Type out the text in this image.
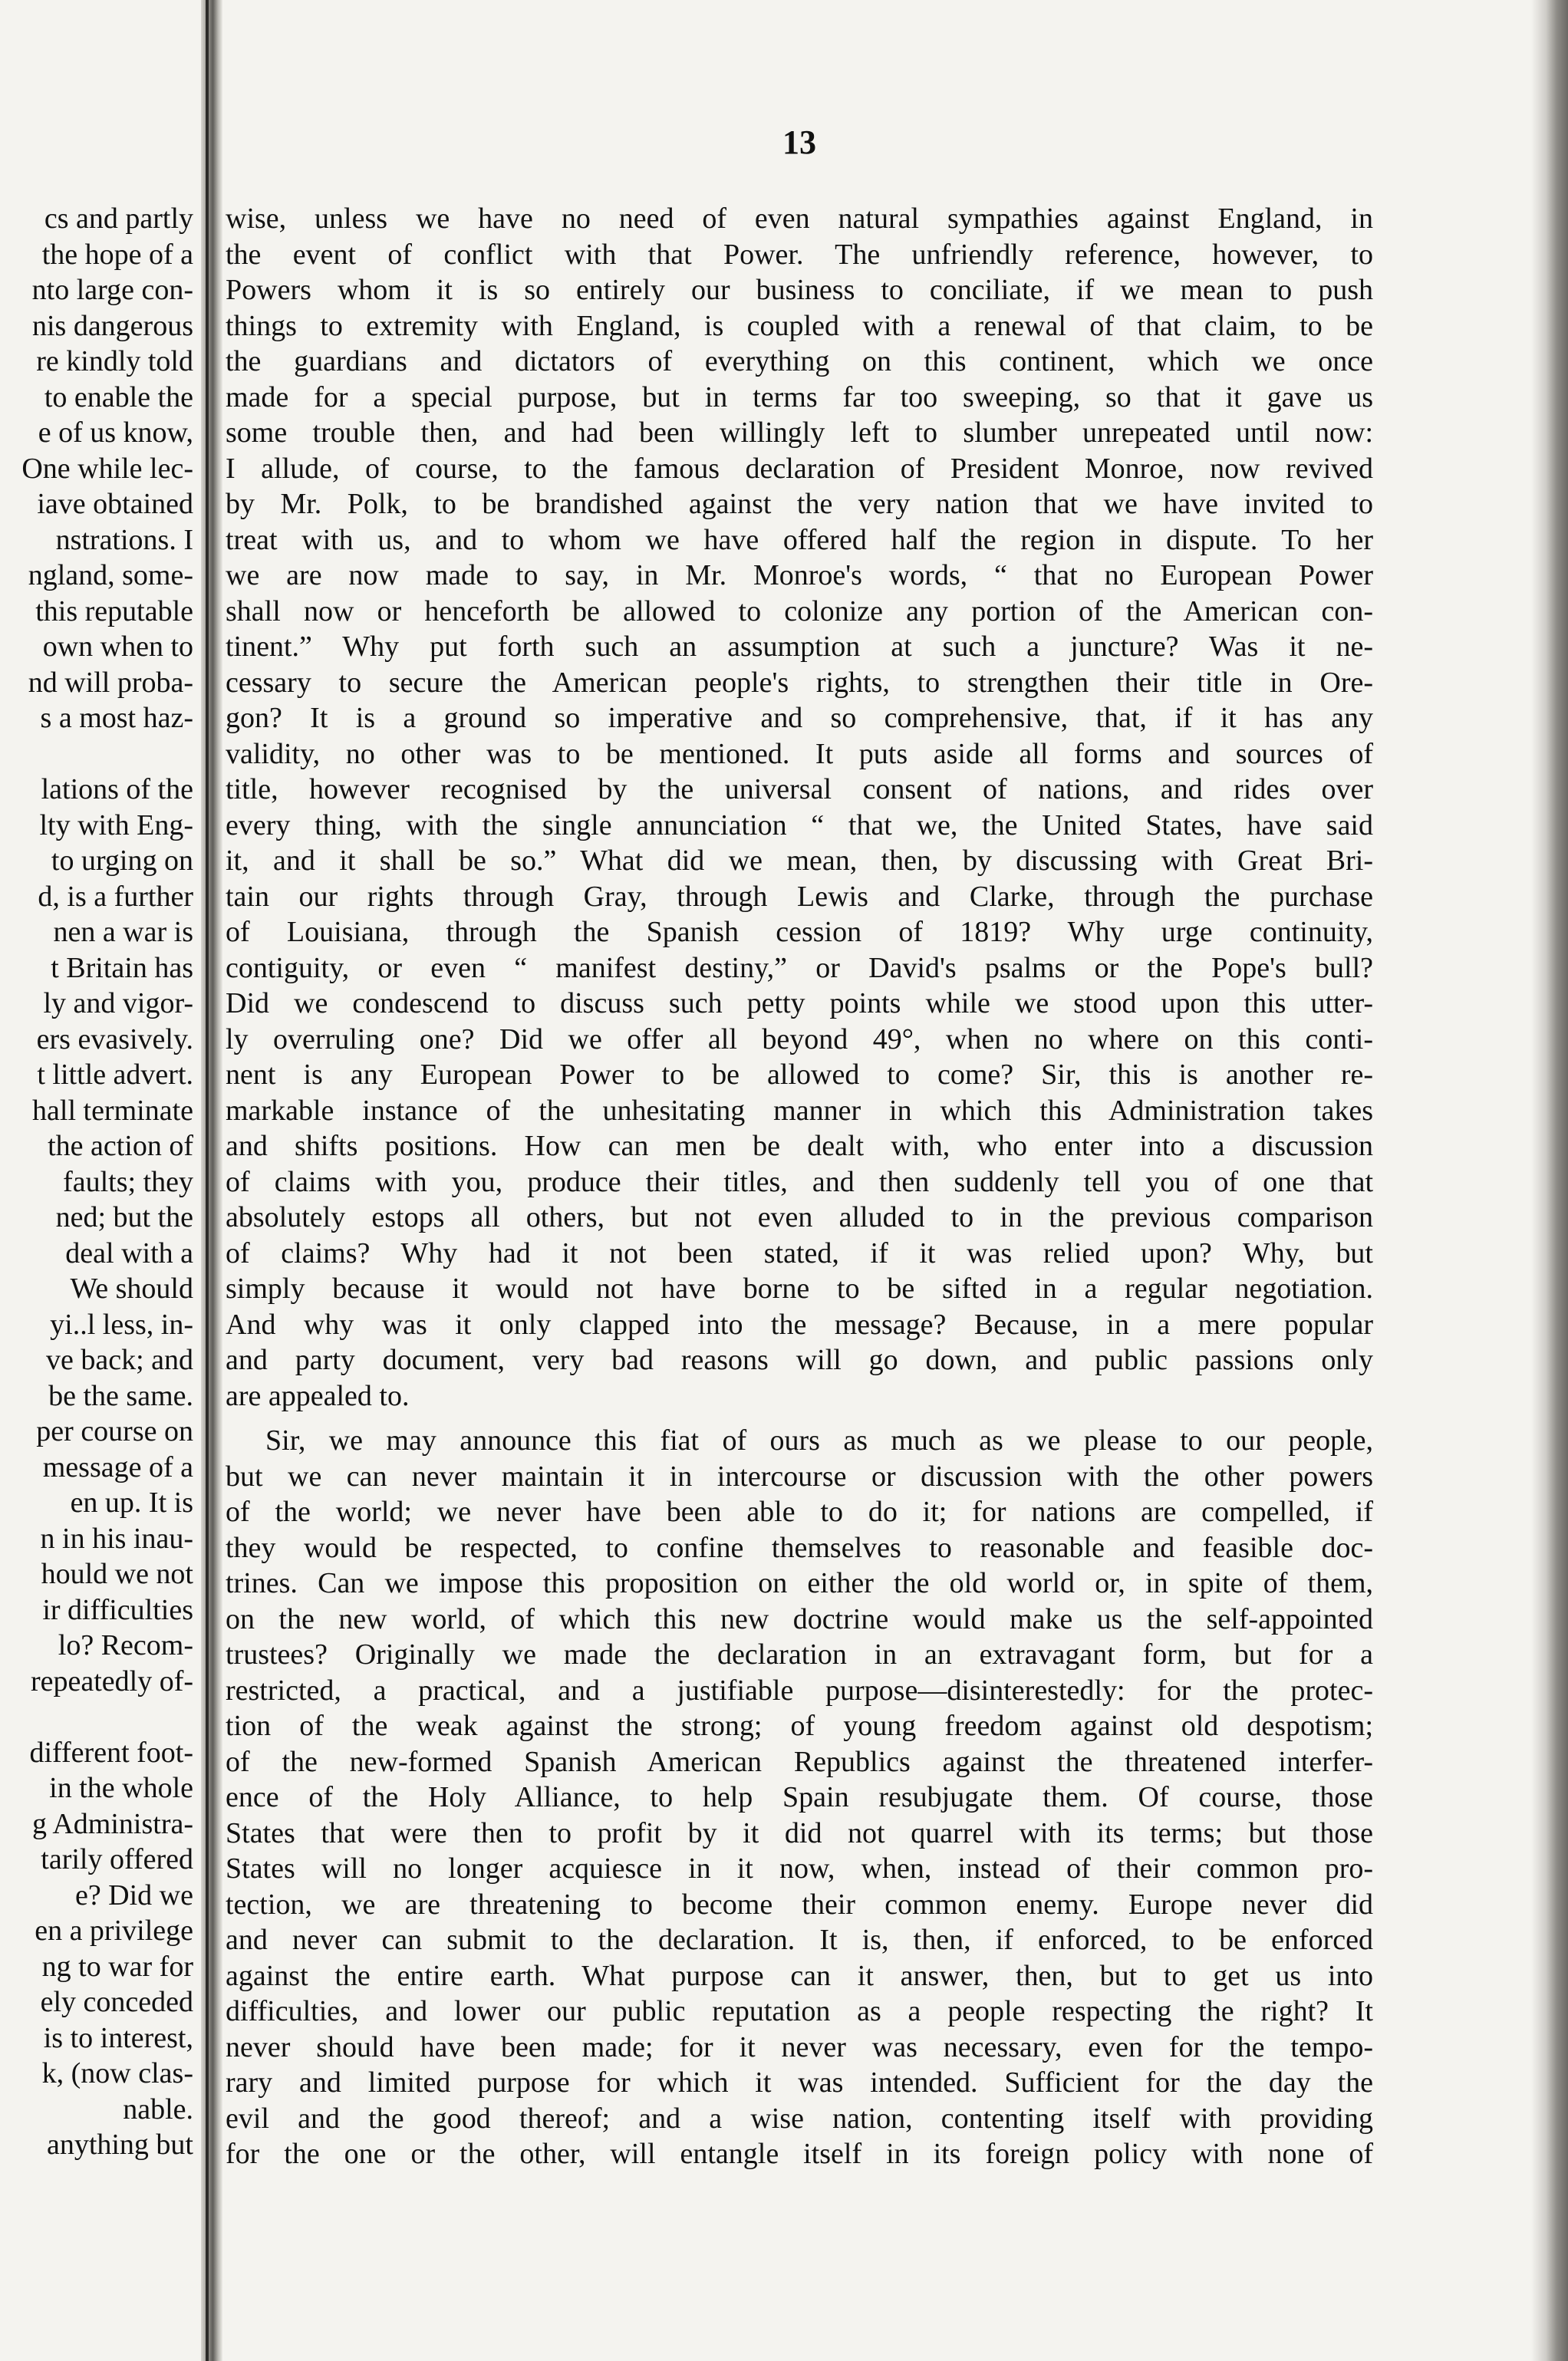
cs and partly
the hope of a
nto large con-
nis dangerous
re kindly told
to enable the
e of us know,
One while lec-
iave obtained
nstrations. I
ngland, some-
this reputable
own when to
nd will proba-
s a most haz-
lations of the
lty with Eng-
to urging on
d, is a further
nen a war is
t Britain has
ly and vigor-
ers evasively.
t little advert.
hall terminate
the action of
faults; they
ned; but the
deal with a
We should
yi..l less, in-
ve back; and
be the same.
per course on
message of a
en up. It is
n in his inau-
hould we not
ir difficulties
lo? Recom-
repeatedly of-
different foot-
in the whole
g Administra-
tarily offered
e? Did we
en a privilege
ng to war for
ely conceded
is to interest,
k, (now clas-
nable.
anything but
13
wise, unless we have no need of even natural sympathies against England, in
the event of conflict with that Power. The unfriendly reference, however, to
Powers whom it is so entirely our business to conciliate, if we mean to push
things to extremity with England, is coupled with a renewal of that claim, to be
the guardians and dictators of everything on this continent, which we once
made for a special purpose, but in terms far too sweeping, so that it gave us
some trouble then, and had been willingly left to slumber unrepeated until now:
I allude, of course, to the famous declaration of President Monroe, now revived
by Mr. Polk, to be brandished against the very nation that we have invited to
treat with us, and to whom we have offered half the region in dispute. To her
we are now made to say, in Mr. Monroe's words, “ that no European Power
shall now or henceforth be allowed to colonize any portion of the American con-
tinent.” Why put forth such an assumption at such a juncture? Was it ne-
cessary to secure the American people's rights, to strengthen their title in Ore-
gon? It is a ground so imperative and so comprehensive, that, if it has any
validity, no other was to be mentioned. It puts aside all forms and sources of
title, however recognised by the universal consent of nations, and rides over
every thing, with the single annunciation “ that we, the United States, have said
it, and it shall be so.” What did we mean, then, by discussing with Great Bri-
tain our rights through Gray, through Lewis and Clarke, through the purchase
of Louisiana, through the Spanish cession of 1819? Why urge continuity,
contiguity, or even “ manifest destiny,” or David's psalms or the Pope's bull?
Did we condescend to discuss such petty points while we stood upon this utter-
ly overruling one? Did we offer all beyond 49°, when no where on this conti-
nent is any European Power to be allowed to come? Sir, this is another re-
markable instance of the unhesitating manner in which this Administration takes
and shifts positions. How can men be dealt with, who enter into a discussion
of claims with you, produce their titles, and then suddenly tell you of one that
absolutely estops all others, but not even alluded to in the previous comparison
of claims? Why had it not been stated, if it was relied upon? Why, but
simply because it would not have borne to be sifted in a regular negotiation.
And why was it only clapped into the message? Because, in a mere popular
and party document, very bad reasons will go down, and public passions only
are appealed to.
Sir, we may announce this fiat of ours as much as we please to our people,
but we can never maintain it in intercourse or discussion with the other powers
of the world; we never have been able to do it; for nations are compelled, if
they would be respected, to confine themselves to reasonable and feasible doc-
trines. Can we impose this proposition on either the old world or, in spite of them,
on the new world, of which this new doctrine would make us the self-appointed
trustees? Originally we made the declaration in an extravagant form, but for a
restricted, a practical, and a justifiable purpose—disinterestedly: for the protec-
tion of the weak against the strong; of young freedom against old despotism;
of the new-formed Spanish American Republics against the threatened interfer-
ence of the Holy Alliance, to help Spain resubjugate them. Of course, those
States that were then to profit by it did not quarrel with its terms; but those
States will no longer acquiesce in it now, when, instead of their common pro-
tection, we are threatening to become their common enemy. Europe never did
and never can submit to the declaration. It is, then, if enforced, to be enforced
against the entire earth. What purpose can it answer, then, but to get us into
difficulties, and lower our public reputation as a people respecting the right? It
never should have been made; for it never was necessary, even for the tempo-
rary and limited purpose for which it was intended. Sufficient for the day the
evil and the good thereof; and a wise nation, contenting itself with providing
for the one or the other, will entangle itself in its foreign policy with none of
